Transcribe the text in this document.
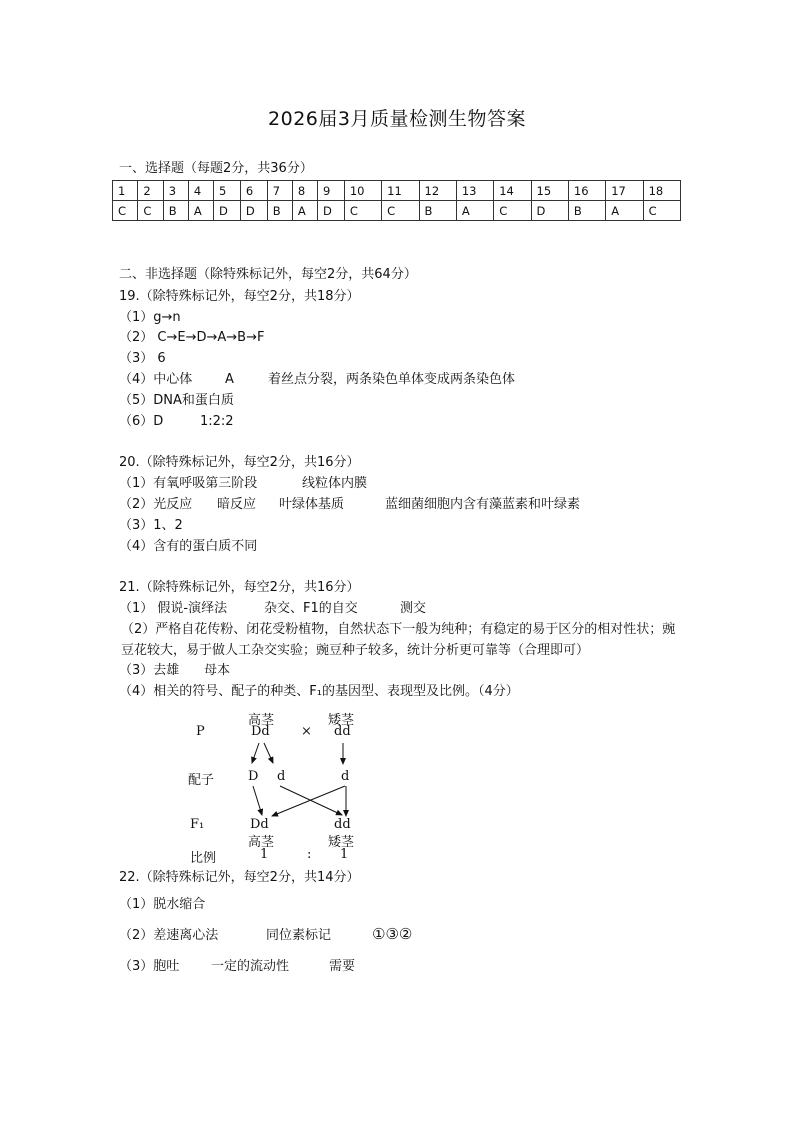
2026届3月质量检测生物答案
一、选择题（每题2分，共36分）
1	2	3	4	5	6	7	8	9	10	11	12	13	14	15	16	17	18
C	C	B	A	D	D	B	A	D	C	C	B	A	C	D	B	A	C
二、非选择题（除特殊标记外，每空2分，共64分）
19.（除特殊标记外，每空2分，共18分）
（1）g→n
（2） C→E→D→A→B→F
（3） 6
（4）中心体	A	着丝点分裂，两条染色单体变成两条染色体
（5）DNA和蛋白质
（6）D	1:2:2
20.（除特殊标记外，每空2分，共16分）
（1）有氧呼吸第三阶段	线粒体内膜
（2）光反应 暗反应 叶绿体基质	蓝细菌细胞内含有藻蓝素和叶绿素
（3）1、2
（4）含有的蛋白质不同
21.（除特殊标记外，每空2分，共16分）
（1） 假说-演绎法	杂交、F1的自交	测交
（2）严格自花传粉、闭花受粉植物，自然状态下一般为纯种；有稳定的易于区分的相对性状；豌豆花较大，易于做人工杂交实验；豌豆种子较多，统计分析更可靠等（合理即可）
（3）去雄 母本
（4）相关的符号、配子的种类、F₁的基因型、表现型及比例。（4分）
高茎	矮茎
P	Dd × dd
配子	D d	d
F₁	Dd	dd
高茎	矮茎
比例	1	: 1
22.（除特殊标记外，每空2分，共14分）
（1）脱水缩合
（2）差速离心法	同位素标记	①③②
（3）胞吐 一定的流动性	需要
